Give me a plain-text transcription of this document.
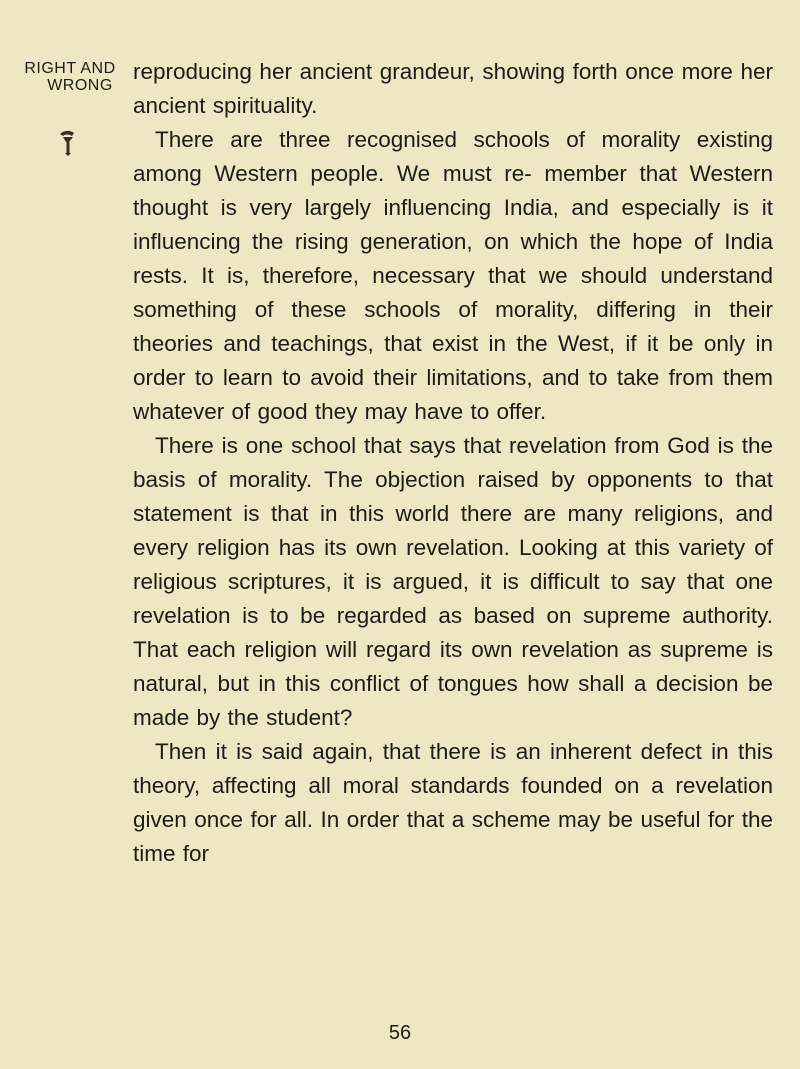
RIGHT AND
WRONG

reproducing her ancient grandeur, showing forth once more her ancient spirituality.

There are three recognised schools of morality existing among Western people. We must re- member that Western thought is very largely influencing India, and especially is it influencing the rising generation, on which the hope of India rests. It is, therefore, necessary that we should understand something of these schools of morality, differing in their theories and teachings, that exist in the West, if it be only in order to learn to avoid their limitations, and to take from them whatever of good they may have to offer.

There is one school that says that revelation from God is the basis of morality. The objection raised by opponents to that statement is that in this world there are many religions, and every religion has its own revelation. Looking at this variety of religious scriptures, it is argued, it is difficult to say that one revelation is to be regarded as based on supreme authority. That each religion will regard its own revelation as supreme is natural, but in this conflict of tongues how shall a decision be made by the student?

Then it is said again, that there is an inherent defect in this theory, affecting all moral standards founded on a revelation given once for all. In order that a scheme may be useful for the time for

56
